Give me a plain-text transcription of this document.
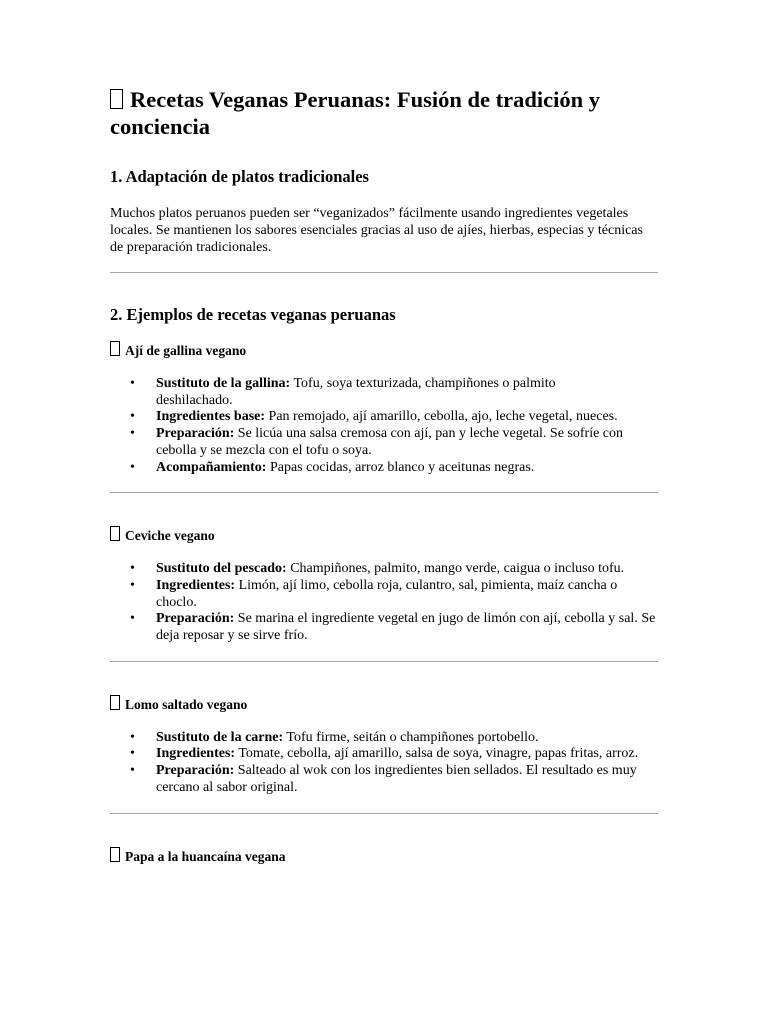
Recetas Veganas Peruanas: Fusión de tradición y conciencia
1. Adaptación de platos tradicionales

Muchos platos peruanos pueden ser “veganizados” fácilmente usando ingredientes vegetales locales. Se mantienen los sabores esenciales gracias al uso de ajíes, hierbas, especias y técnicas de preparación tradicionales.

2. Ejemplos de recetas veganas peruanas
Ají de gallina vegano
• Sustituto de la gallina: Tofu, soya texturizada, champiñones o palmito deshilachado.
• Ingredientes base: Pan remojado, ají amarillo, cebolla, ajo, leche vegetal, nueces.
• Preparación: Se licúa una salsa cremosa con ají, pan y leche vegetal. Se sofríe con cebolla y se mezcla con el tofu o soya.
• Acompañamiento: Papas cocidas, arroz blanco y aceitunas negras.
Ceviche vegano
• Sustituto del pescado: Champiñones, palmito, mango verde, caigua o incluso tofu.
• Ingredientes: Limón, ají limo, cebolla roja, culantro, sal, pimienta, maíz cancha o choclo.
• Preparación: Se marina el ingrediente vegetal en jugo de limón con ají, cebolla y sal. Se deja reposar y se sirve frío.
Lomo saltado vegano
• Sustituto de la carne: Tofu firme, seitán o champiñones portobello.
• Ingredientes: Tomate, cebolla, ají amarillo, salsa de soya, vinagre, papas fritas, arroz.
• Preparación: Salteado al wok con los ingredientes bien sellados. El resultado es muy cercano al sabor original.
Papa a la huancaína vegana
